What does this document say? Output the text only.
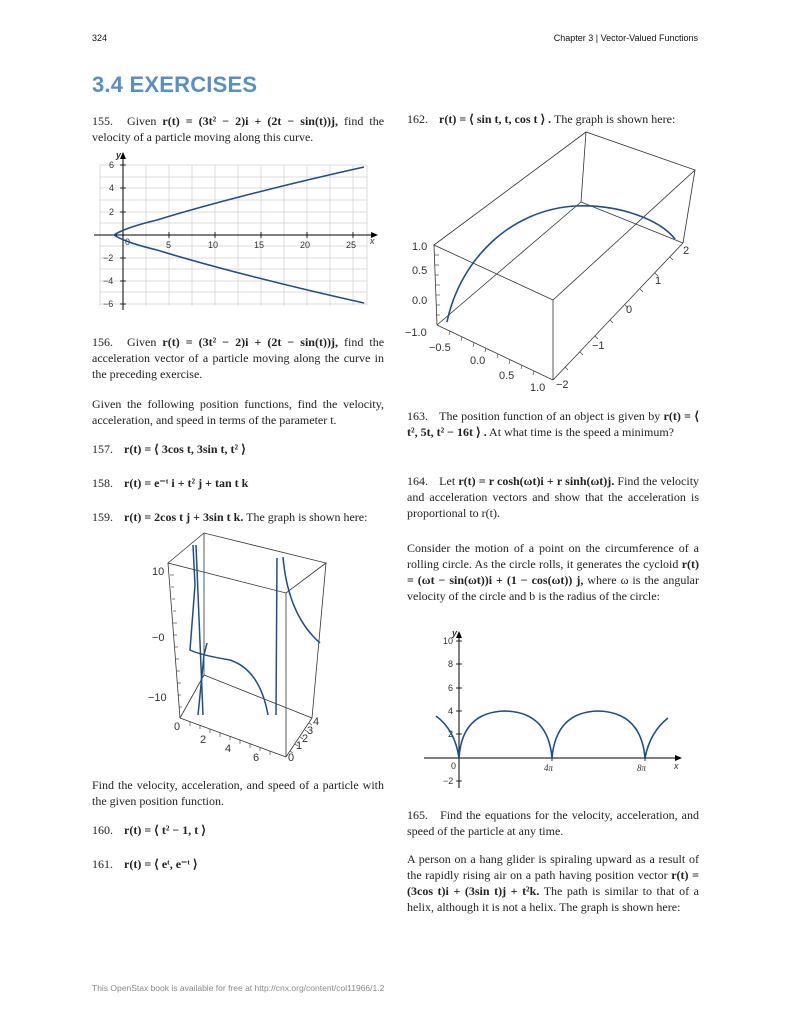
324	Chapter 3 | Vector-Valued Functions
3.4 EXERCISES
155. Given r(t) = (3t² − 2)i + (2t − sin(t))j, find the velocity of a particle moving along this curve.
y
x
6
4
2
−2
−4
−6
0	5	10	15	20	25
156. Given r(t) = (3t² − 2)i + (2t − sin(t))j, find the acceleration vector of a particle moving along the curve in the preceding exercise.
Given the following position functions, find the velocity, acceleration, and speed in terms of the parameter t.
157. r(t) = ⟨ 3cos t, 3sin t, t² ⟩
158. r(t) = e⁻ᵗ i + t² j + tan t k
159. r(t) = 2cos t j + 3sin t k. The graph is shown here:
10
−0
−10
0
2
4
6	0
1
2
3
4
Find the velocity, acceleration, and speed of a particle with the given position function.
160. r(t) = ⟨ t² − 1, t ⟩
161. r(t) = ⟨ eᵗ, e⁻ᵗ ⟩
162. r(t) = ⟨ sin t, t, cos t ⟩ . The graph is shown here:
1.0
0.5
0.0
−1.0
−0.5
0.0
0.5
1.0 −2
−1
0
1
2
163. The position function of an object is given by r(t) = ⟨ t², 5t, t² − 16t ⟩ . At what time is the speed a minimum?
164. Let r(t) = r cosh(ωt)i + r sinh(ωt)j. Find the velocity and acceleration vectors and show that the acceleration is proportional to r(t).
Consider the motion of a point on the circumference of a rolling circle. As the circle rolls, it generates the cycloid r(t) = (ωt − sin(ωt))i + (1 − cos(ωt)) j, where ω is the angular velocity of the circle and b is the radius of the circle:
y
x
10
8
6
4
2
−2
0	4π	8π
165. Find the equations for the velocity, acceleration, and speed of the particle at any time.
A person on a hang glider is spiraling upward as a result of the rapidly rising air on a path having position vector r(t) = (3cos t)i + (3sin t)j + t²k. The path is similar to that of a helix, although it is not a helix. The graph is shown here:
This OpenStax book is available for free at http://cnx.org/content/col11966/1.2
